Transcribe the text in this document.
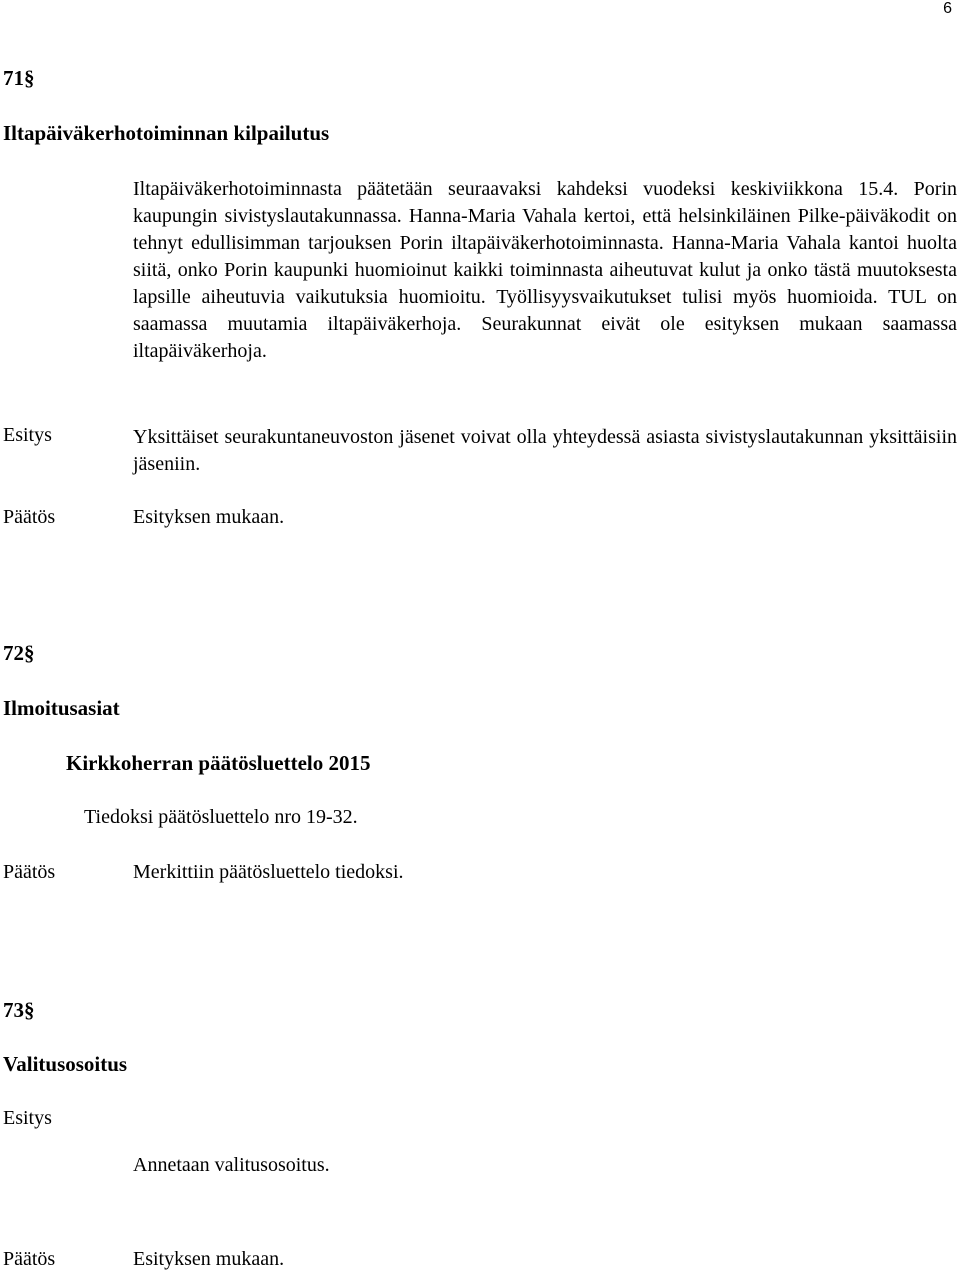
6
71§
Iltapäiväkerhotoiminnan kilpailutus
Iltapäiväkerhotoiminnasta päätetään seuraavaksi kahdeksi vuodeksi keskiviikkona 15.4. Porin kaupungin sivistyslautakunnassa. Hanna-Maria Vahala kertoi, että helsinkiläinen Pilke-päiväkodit on tehnyt edullisimman tarjouksen Porin iltapäiväkerhotoiminnasta. Hanna-Maria Vahala kantoi huolta siitä, onko Porin kaupunki huomioinut kaikki toiminnasta aiheutuvat kulut ja onko tästä muutoksesta lapsille aiheutuvia vaikutuksia huomioitu. Työllisyysvaikutukset tulisi myös huomioida. TUL on saamassa muutamia iltapäiväkerhoja. Seurakunnat eivät ole esityksen mukaan saamassa iltapäiväkerhoja.
Esitys	Yksittäiset seurakuntaneuvoston jäsenet voivat olla yhteydessä asiasta sivistyslautakunnan yksittäisiin jäseniin.
Päätös	Esityksen mukaan.
72§
Ilmoitusasiat
Kirkkoherran päätösluettelo 2015
Tiedoksi päätösluettelo nro 19-32.
Päätös	Merkittiin päätösluettelo tiedoksi.
73§
Valitusosoitus
Esitys
Annetaan valitusosoitus.
Päätös	Esityksen mukaan.
